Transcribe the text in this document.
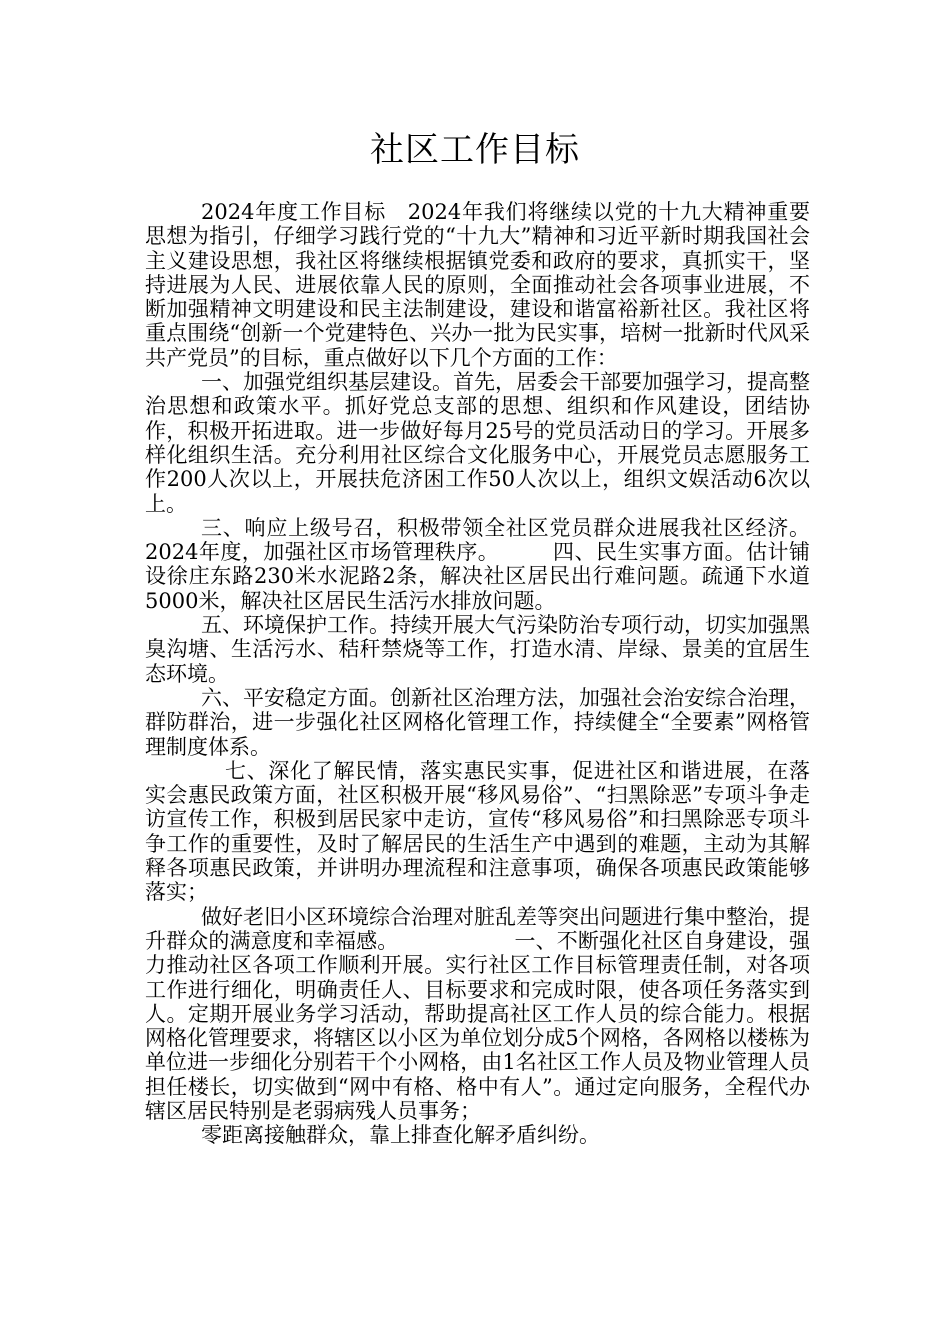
社区工作目标

2024年度工作目标　2024年我们将继续以党的十九大精神重要思想为指引，仔细学习践行党的“十九大”精神和习近平新时期我国社会主义建设思想，我社区将继续根据镇党委和政府的要求，真抓实干，坚持进展为人民、进展依靠人民的原则，全面推动社会各项事业进展，不断加强精神文明建设和民主法制建设，建设和谐富裕新社区。我社区将重点围绕“创新一个党建特色、兴办一批为民实事，培树一批新时代风采共产党员”的目标，重点做好以下几个方面的工作：

一、加强党组织基层建设。首先，居委会干部要加强学习，提高整治思想和政策水平。抓好党总支部的思想、组织和作风建设，团结协作，积极开拓进取。进一步做好每月25号的党员活动日的学习。开展多样化组织生活。充分利用社区综合文化服务中心，开展党员志愿服务工作200人次以上，开展扶危济困工作50人次以上，组织文娱活动6次以上。

三、响应上级号召，积极带领全社区党员群众进展我社区经济。2024年度，加强社区市场管理秩序。　　　四、民生实事方面。估计铺设徐庄东路230米水泥路2条，解决社区居民出行难问题。疏通下水道5000米，解决社区居民生活污水排放问题。

五、环境保护工作。持续开展大气污染防治专项行动，切实加强黑臭沟塘、生活污水、秸秆禁烧等工作，打造水清、岸绿、景美的宜居生态环境。

六、平安稳定方面。创新社区治理方法，加强社会治安综合治理，群防群治，进一步强化社区网格化管理工作，持续健全“全要素”网格管理制度体系。

七、深化了解民情，落实惠民实事，促进社区和谐进展，在落实会惠民政策方面，社区积极开展“移风易俗”、“扫黑除恶”专项斗争走访宣传工作，积极到居民家中走访，宣传“移风易俗”和扫黑除恶专项斗争工作的重要性，及时了解居民的生活生产中遇到的难题，主动为其解释各项惠民政策，并讲明办理流程和注意事项，确保各项惠民政策能够落实；

做好老旧小区环境综合治理对脏乱差等突出问题进行集中整治，提升群众的满意度和幸福感。　　　　　　一、不断强化社区自身建设，强力推动社区各项工作顺利开展。实行社区工作目标管理责任制，对各项工作进行细化，明确责任人、目标要求和完成时限，使各项任务落实到人。定期开展业务学习活动，帮助提高社区工作人员的综合能力。根据网格化管理要求，将辖区以小区为单位划分成5个网格，各网格以楼栋为单位进一步细化分别若干个小网格，由1名社区工作人员及物业管理人员担任楼长，切实做到“网中有格、格中有人”。通过定向服务，全程代办辖区居民特别是老弱病残人员事务；

零距离接触群众，靠上排查化解矛盾纠纷。
